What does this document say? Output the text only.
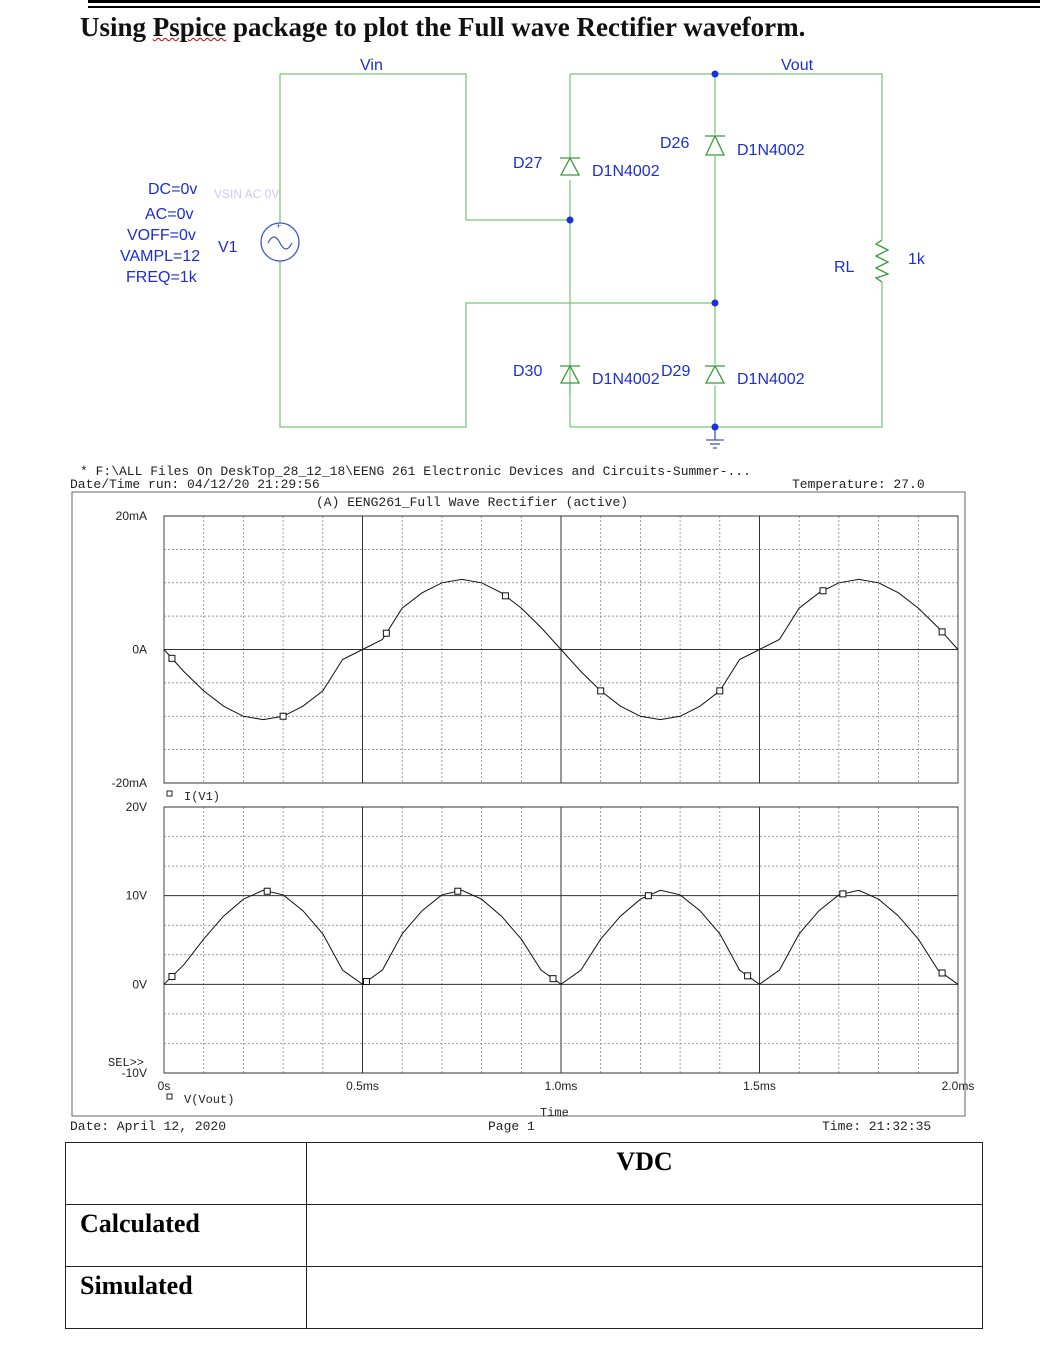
Using Pspice package to plot the Full wave Rectifier waveform.
+
Vin	Vout
DC=0v VSIN AC 0V
AC=0v
VOFF=0v
VAMPL=12
FREQ=1k
V1
D27	D1N4002
D26	D1N4002
D30	D1N4002 D29	D1N4002
RL	1k
* F:\ALL Files On DeskTop_28_12_18\EENG 261 Electronic Devices and Circuits-Summer-...
Date/Time run: 04/12/20 21:29:56	Temperature: 27.0
(A) EENG261_Full Wave Rectifier (active)
I(V1)
V(Vout)
SEL>>
Time
20mA
0A
-20mA
20V
10V
0V
-10V
0s	0.5ms	1.0ms	1.5ms	2.0ms
Date: April 12, 2020	Page 1	Time: 21:32:35

	VDC

Calculated	

Simulated	
